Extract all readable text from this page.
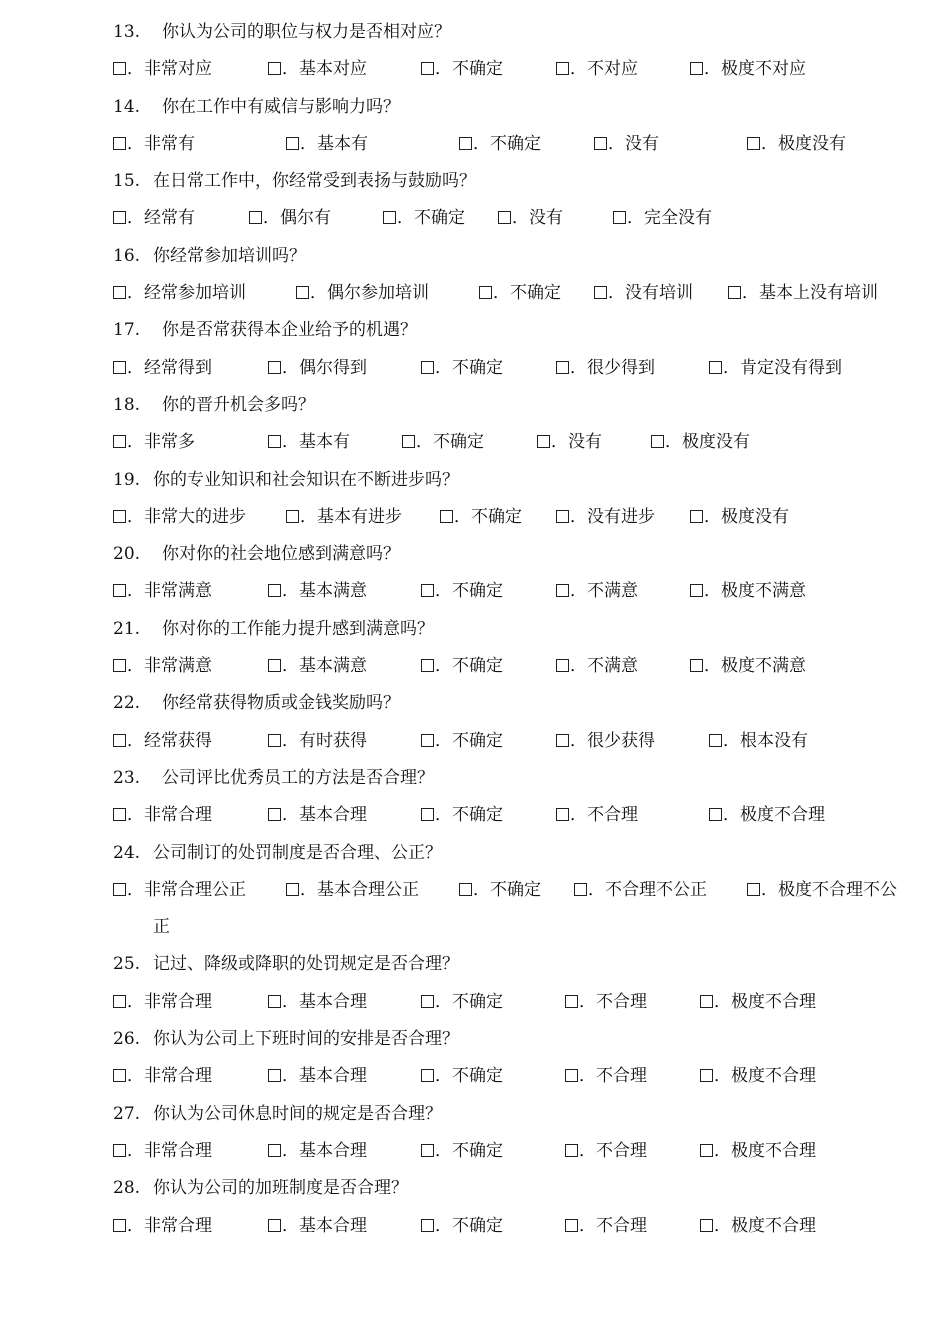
13. 你认为公司的职位与权力是否相对应？
．非常对应	．基本对应	．不确定	．不对应	．极度不对应
14. 你在工作中有威信与影响力吗？
．非常有	．基本有	．不确定	．没有	．极度没有
15. 在日常工作中，你经常受到表扬与鼓励吗？
．经常有	．偶尔有	．不确定	．没有	．完全没有
16. 你经常参加培训吗？
．经常参加培训	．偶尔参加培训	．不确定	．没有培训	．基本上没有培训
17. 你是否常获得本企业给予的机遇？
．经常得到	．偶尔得到	．不确定	．很少得到	．肯定没有得到
18. 你的晋升机会多吗？
．非常多	．基本有	．不确定	．没有	．极度没有
19. 你的专业知识和社会知识在不断进步吗？
．非常大的进步	．基本有进步	．不确定	．没有进步	．极度没有
20. 你对你的社会地位感到满意吗？
．非常满意	．基本满意	．不确定	．不满意	．极度不满意
21. 你对你的工作能力提升感到满意吗？
．非常满意	．基本满意	．不确定	．不满意	．极度不满意
22. 你经常获得物质或金钱奖励吗？
．经常获得	．有时获得	．不确定	．很少获得	．根本没有
23. 公司评比优秀员工的方法是否合理？
．非常合理	．基本合理	．不确定	．不合理	．极度不合理
24. 公司制订的处罚制度是否合理、公正？
．非常合理公正	．基本合理公正	．不确定	．不合理不公正	．极度不合理不公
正
25. 记过、降级或降职的处罚规定是否合理？
．非常合理	．基本合理	．不确定	．不合理	．极度不合理
26. 你认为公司上下班时间的安排是否合理？
．非常合理	．基本合理	．不确定	．不合理	．极度不合理
27. 你认为公司休息时间的规定是否合理？
．非常合理	．基本合理	．不确定	．不合理	．极度不合理
28. 你认为公司的加班制度是否合理？
．非常合理	．基本合理	．不确定	．不合理	．极度不合理
